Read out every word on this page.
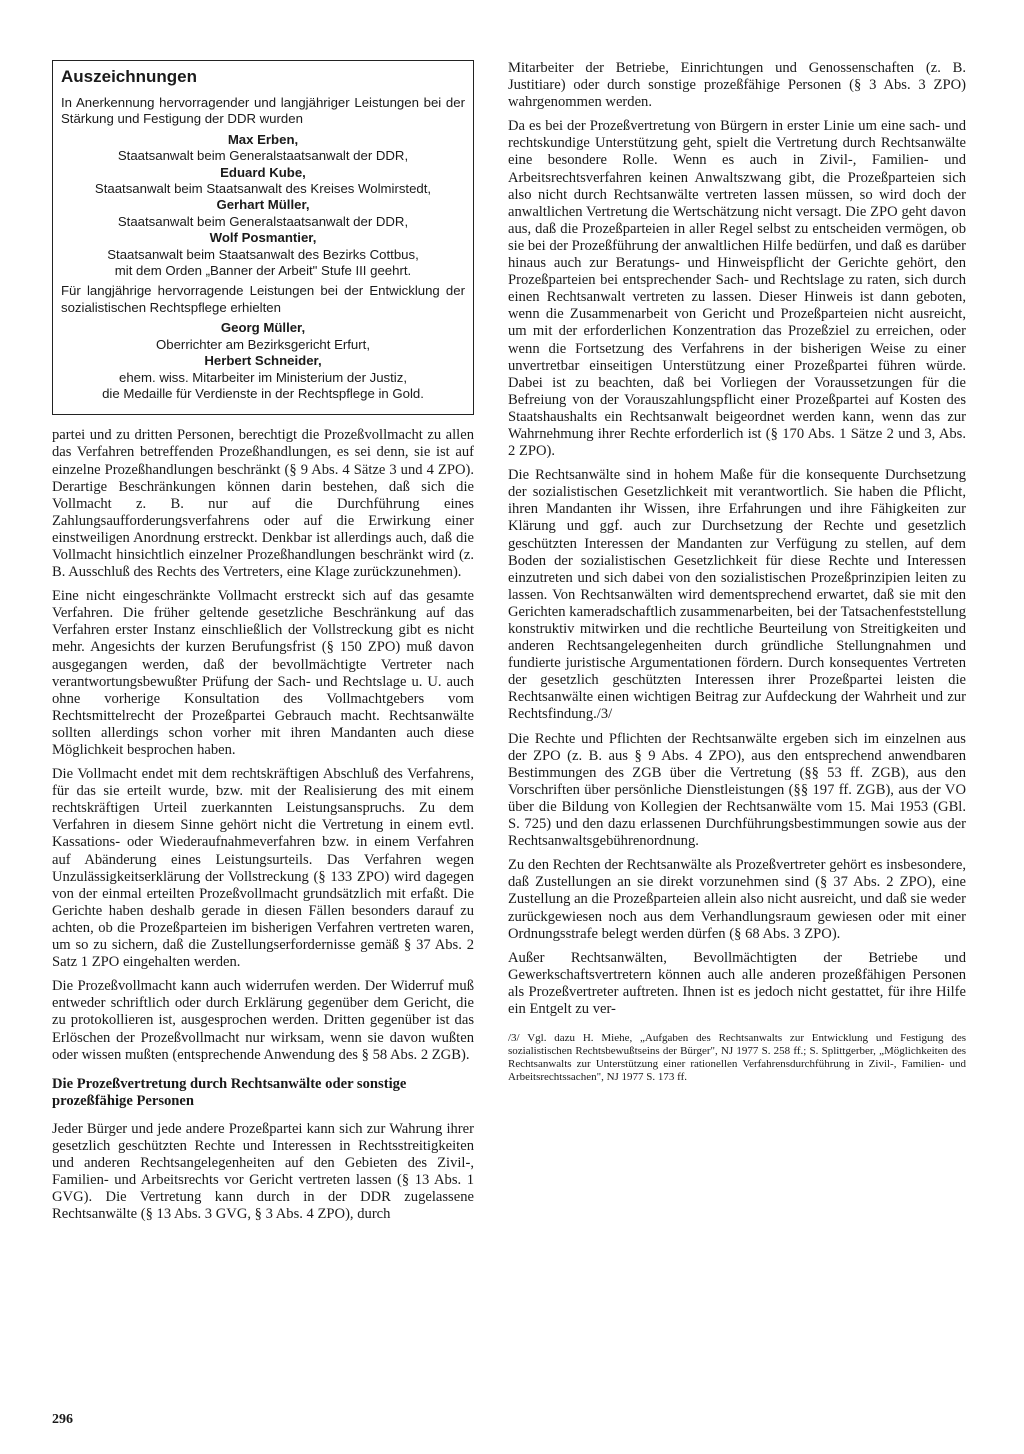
Auszeichnungen

In Anerkennung hervorragender und langjähriger Leistungen bei der Stärkung und Festigung der DDR wurden

Max Erben,
Staatsanwalt beim Generalstaatsanwalt der DDR,
Eduard Kube,
Staatsanwalt beim Staatsanwalt des Kreises Wolmirstedt,
Gerhart Müller,
Staatsanwalt beim Generalstaatsanwalt der DDR,
Wolf Posmantier,
Staatsanwalt beim Staatsanwalt des Bezirks Cottbus,

mit dem Orden „Banner der Arbeit" Stufe III geehrt.

Für langjährige hervorragende Leistungen bei der Entwicklung der sozialistischen Rechtspflege erhielten

Georg Müller,
Oberrichter am Bezirksgericht Erfurt,
Herbert Schneider,
ehem. wiss. Mitarbeiter im Ministerium der Justiz,

die Medaille für Verdienste in der Rechtspflege in Gold.

partei und zu dritten Personen, berechtigt die Prozeßvollmacht zu allen das Verfahren betreffenden Prozeßhandlungen, es sei denn, sie ist auf einzelne Prozeßhandlungen beschränkt (§ 9 Abs. 4 Sätze 3 und 4 ZPO). Derartige Beschränkungen können darin bestehen, daß sich die Vollmacht z. B. nur auf die Durchführung eines Zahlungsaufforderungsverfahrens oder auf die Erwirkung einer einstweiligen Anordnung erstreckt. Denkbar ist allerdings auch, daß die Vollmacht hinsichtlich einzelner Prozeßhandlungen beschränkt wird (z. B. Ausschluß des Rechts des Vertreters, eine Klage zurückzunehmen).

Eine nicht eingeschränkte Vollmacht erstreckt sich auf das gesamte Verfahren. Die früher geltende gesetzliche Beschränkung auf das Verfahren erster Instanz einschließlich der Vollstreckung gibt es nicht mehr. Angesichts der kurzen Berufungsfrist (§ 150 ZPO) muß davon ausgegangen werden, daß der bevollmächtigte Vertreter nach verantwortungsbewußter Prüfung der Sach- und Rechtslage u. U. auch ohne vorherige Konsultation des Vollmachtgebers vom Rechtsmittelrecht der Prozeßpartei Gebrauch macht. Rechtsanwälte sollten allerdings schon vorher mit ihren Mandanten auch diese Möglichkeit besprochen haben.

Die Vollmacht endet mit dem rechtskräftigen Abschluß des Verfahrens, für das sie erteilt wurde, bzw. mit der Realisierung des mit einem rechtskräftigen Urteil zuerkannten Leistungsanspruchs. Zu dem Verfahren in diesem Sinne gehört nicht die Vertretung in einem evtl. Kassations- oder Wiederaufnahmeverfahren bzw. in einem Verfahren auf Abänderung eines Leistungsurteils. Das Verfahren wegen Unzulässigkeitserklärung der Vollstreckung (§ 133 ZPO) wird dagegen von der einmal erteilten Prozeßvollmacht grundsätzlich mit erfaßt. Die Gerichte haben deshalb gerade in diesen Fällen besonders darauf zu achten, ob die Prozeßparteien im bisherigen Verfahren vertreten waren, um so zu sichern, daß die Zustellungserfordernisse gemäß § 37 Abs. 2 Satz 1 ZPO eingehalten werden.

Die Prozeßvollmacht kann auch widerrufen werden. Der Widerruf muß entweder schriftlich oder durch Erklärung gegenüber dem Gericht, die zu protokollieren ist, ausgesprochen werden. Dritten gegenüber ist das Erlöschen der Prozeßvollmacht nur wirksam, wenn sie davon wußten oder wissen mußten (entsprechende Anwendung des § 58 Abs. 2 ZGB).

Die Prozeßvertretung durch Rechtsanwälte oder sonstige prozeßfähige Personen

Jeder Bürger und jede andere Prozeßpartei kann sich zur Wahrung ihrer gesetzlich geschützten Rechte und Interessen in Rechtsstreitigkeiten und anderen Rechtsangelegenheiten auf den Gebieten des Zivil-, Familien- und Arbeitsrechts vor Gericht vertreten lassen (§ 13 Abs. 1 GVG). Die Vertretung kann durch in der DDR zugelassene Rechtsanwälte (§ 13 Abs. 3 GVG, § 3 Abs. 4 ZPO), durch

Mitarbeiter der Betriebe, Einrichtungen und Genossenschaften (z. B. Justitiare) oder durch sonstige prozeßfähige Personen (§ 3 Abs. 3 ZPO) wahrgenommen werden.

Da es bei der Prozeßvertretung von Bürgern in erster Linie um eine sach- und rechtskundige Unterstützung geht, spielt die Vertretung durch Rechtsanwälte eine besondere Rolle. Wenn es auch in Zivil-, Familien- und Arbeitsrechtsverfahren keinen Anwaltszwang gibt, die Prozeßparteien sich also nicht durch Rechtsanwälte vertreten lassen müssen, so wird doch der anwaltlichen Vertretung die Wertschätzung nicht versagt. Die ZPO geht davon aus, daß die Prozeßparteien in aller Regel selbst zu entscheiden vermögen, ob sie bei der Prozeßführung der anwaltlichen Hilfe bedürfen, und daß es darüber hinaus auch zur Beratungs- und Hinweispflicht der Gerichte gehört, den Prozeßparteien bei entsprechender Sach- und Rechtslage zu raten, sich durch einen Rechtsanwalt vertreten zu lassen. Dieser Hinweis ist dann geboten, wenn die Zusammenarbeit von Gericht und Prozeßparteien nicht ausreicht, um mit der erforderlichen Konzentration das Prozeßziel zu erreichen, oder wenn die Fortsetzung des Verfahrens in der bisherigen Weise zu einer unvertretbar einseitigen Unterstützung einer Prozeßpartei führen würde. Dabei ist zu beachten, daß bei Vorliegen der Voraussetzungen für die Befreiung von der Vorauszahlungspflicht einer Prozeßpartei auf Kosten des Staatshaushalts ein Rechtsanwalt beigeordnet werden kann, wenn das zur Wahrnehmung ihrer Rechte erforderlich ist (§ 170 Abs. 1 Sätze 2 und 3, Abs. 2 ZPO).

Die Rechtsanwälte sind in hohem Maße für die konsequente Durchsetzung der sozialistischen Gesetzlichkeit mit verantwortlich. Sie haben die Pflicht, ihren Mandanten ihr Wissen, ihre Erfahrungen und ihre Fähigkeiten zur Klärung und ggf. auch zur Durchsetzung der Rechte und gesetzlich geschützten Interessen der Mandanten zur Verfügung zu stellen, auf dem Boden der sozialistischen Gesetzlichkeit für diese Rechte und Interessen einzutreten und sich dabei von den sozialistischen Prozeßprinzipien leiten zu lassen. Von Rechtsanwälten wird dementsprechend erwartet, daß sie mit den Gerichten kameradschaftlich zusammenarbeiten, bei der Tatsachenfeststellung konstruktiv mitwirken und die rechtliche Beurteilung von Streitigkeiten und anderen Rechtsangelegenheiten durch gründliche Stellungnahmen und fundierte juristische Argumentationen fördern. Durch konsequentes Vertreten der gesetzlich geschützten Interessen ihrer Prozeßpartei leisten die Rechtsanwälte einen wichtigen Beitrag zur Aufdeckung der Wahrheit und zur Rechtsfindung./3/

Die Rechte und Pflichten der Rechtsanwälte ergeben sich im einzelnen aus der ZPO (z. B. aus § 9 Abs. 4 ZPO), aus den entsprechend anwendbaren Bestimmungen des ZGB über die Vertretung (§§ 53 ff. ZGB), aus den Vorschriften über persönliche Dienstleistungen (§§ 197 ff. ZGB), aus der VO über die Bildung von Kollegien der Rechtsanwälte vom 15. Mai 1953 (GBl. S. 725) und den dazu erlassenen Durchführungsbestimmungen sowie aus der Rechtsanwaltsgebührenordnung.

Zu den Rechten der Rechtsanwälte als Prozeßvertreter gehört es insbesondere, daß Zustellungen an sie direkt vorzunehmen sind (§ 37 Abs. 2 ZPO), eine Zustellung an die Prozeßparteien allein also nicht ausreicht, und daß sie weder zurückgewiesen noch aus dem Verhandlungsraum gewiesen oder mit einer Ordnungsstrafe belegt werden dürfen (§ 68 Abs. 3 ZPO).

Außer Rechtsanwälten, Bevollmächtigten der Betriebe und Gewerkschaftsvertretern können auch alle anderen prozeßfähigen Personen als Prozeßvertreter auftreten. Ihnen ist es jedoch nicht gestattet, für ihre Hilfe ein Entgelt zu ver-

/3/ Vgl. dazu H. Miehe, „Aufgaben des Rechtsanwalts zur Entwicklung und Festigung des sozialistischen Rechtsbewußtseins der Bürger", NJ 1977 S. 258 ff.; S. Splittgerber, „Möglichkeiten des Rechtsanwalts zur Unterstützung einer rationellen Verfahrensdurchführung in Zivil-, Familien- und Arbeitsrechtssachen", NJ 1977 S. 173 ff.

296
